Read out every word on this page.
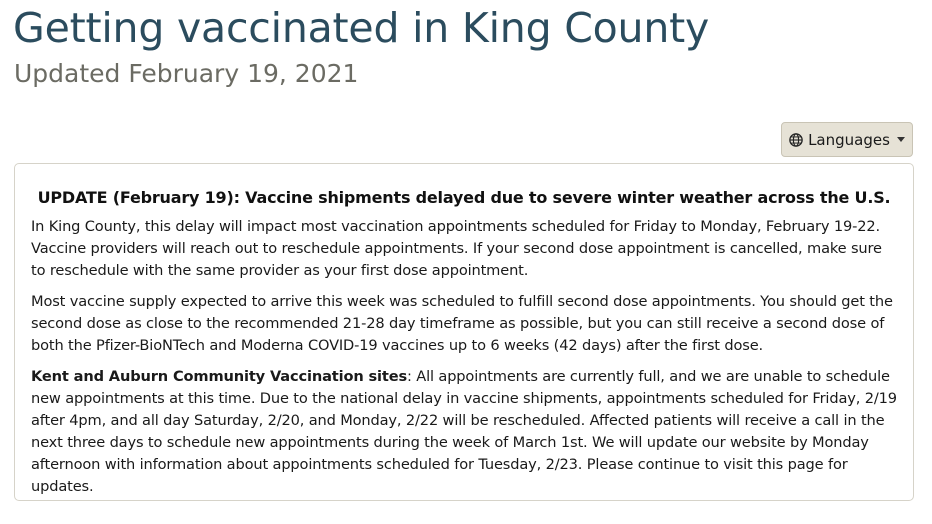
Getting vaccinated in King County
Updated February 19, 2021
Languages
UPDATE (February 19): Vaccine shipments delayed due to severe winter weather across the U.S.

In King County, this delay will impact most vaccination appointments scheduled for Friday to Monday, February 19-22. Vaccine providers will reach out to reschedule appointments. If your second dose appointment is cancelled, make sure to reschedule with the same provider as your first dose appointment.

Most vaccine supply expected to arrive this week was scheduled to fulfill second dose appointments. You should get the second dose as close to the recommended 21-28 day timeframe as possible, but you can still receive a second dose of both the Pfizer-BioNTech and Moderna COVID-19 vaccines up to 6 weeks (42 days) after the first dose.

Kent and Auburn Community Vaccination sites: All appointments are currently full, and we are unable to schedule new appointments at this time. Due to the national delay in vaccine shipments, appointments scheduled for Friday, 2/19 after 4pm, and all day Saturday, 2/20, and Monday, 2/22 will be rescheduled. Affected patients will receive a call in the next three days to schedule new appointments during the week of March 1st. We will update our website by Monday afternoon with information about appointments scheduled for Tuesday, 2/23. Please continue to visit this page for updates.
